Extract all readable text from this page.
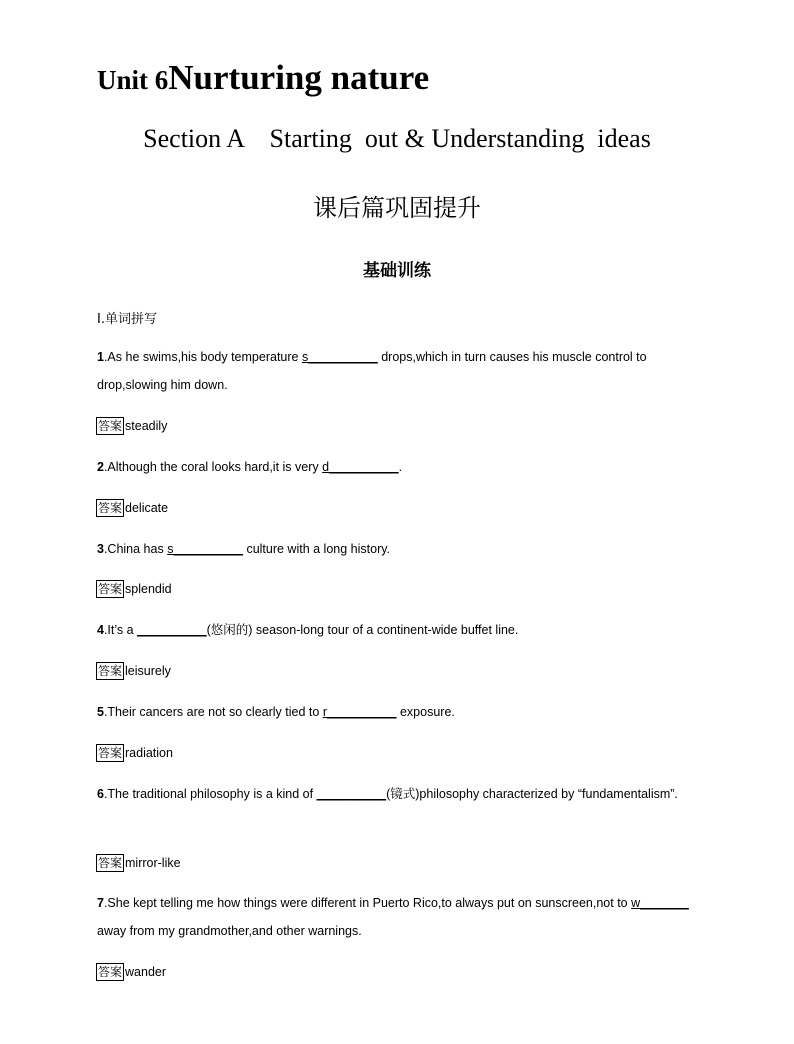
Unit 6Nurturing nature
Section A    Starting  out & Understanding  ideas
课后篇巩固提升
基础训练
Ⅰ.单词拼写
1.As he swims,his body temperature s__________ drops,which in turn causes his muscle control to drop,slowing him down.
答案 steadily
2.Although the coral looks hard,it is very d__________.
答案 delicate
3.China has s__________ culture with a long history.
答案 splendid
4.It’s a __________(悠闲的) season-long tour of a continent-wide buffet line.
答案 leisurely
5.Their cancers are not so clearly tied to r__________ exposure.
答案 radiation
6.The traditional philosophy is a kind of __________(镜式)philosophy characterized by “fundamentalism”.
答案 mirror-like
7.She kept telling me how things were different in Puerto Rico,to always put on sunscreen,not to w_______ away from my grandmother,and other warnings.
答案 wander
